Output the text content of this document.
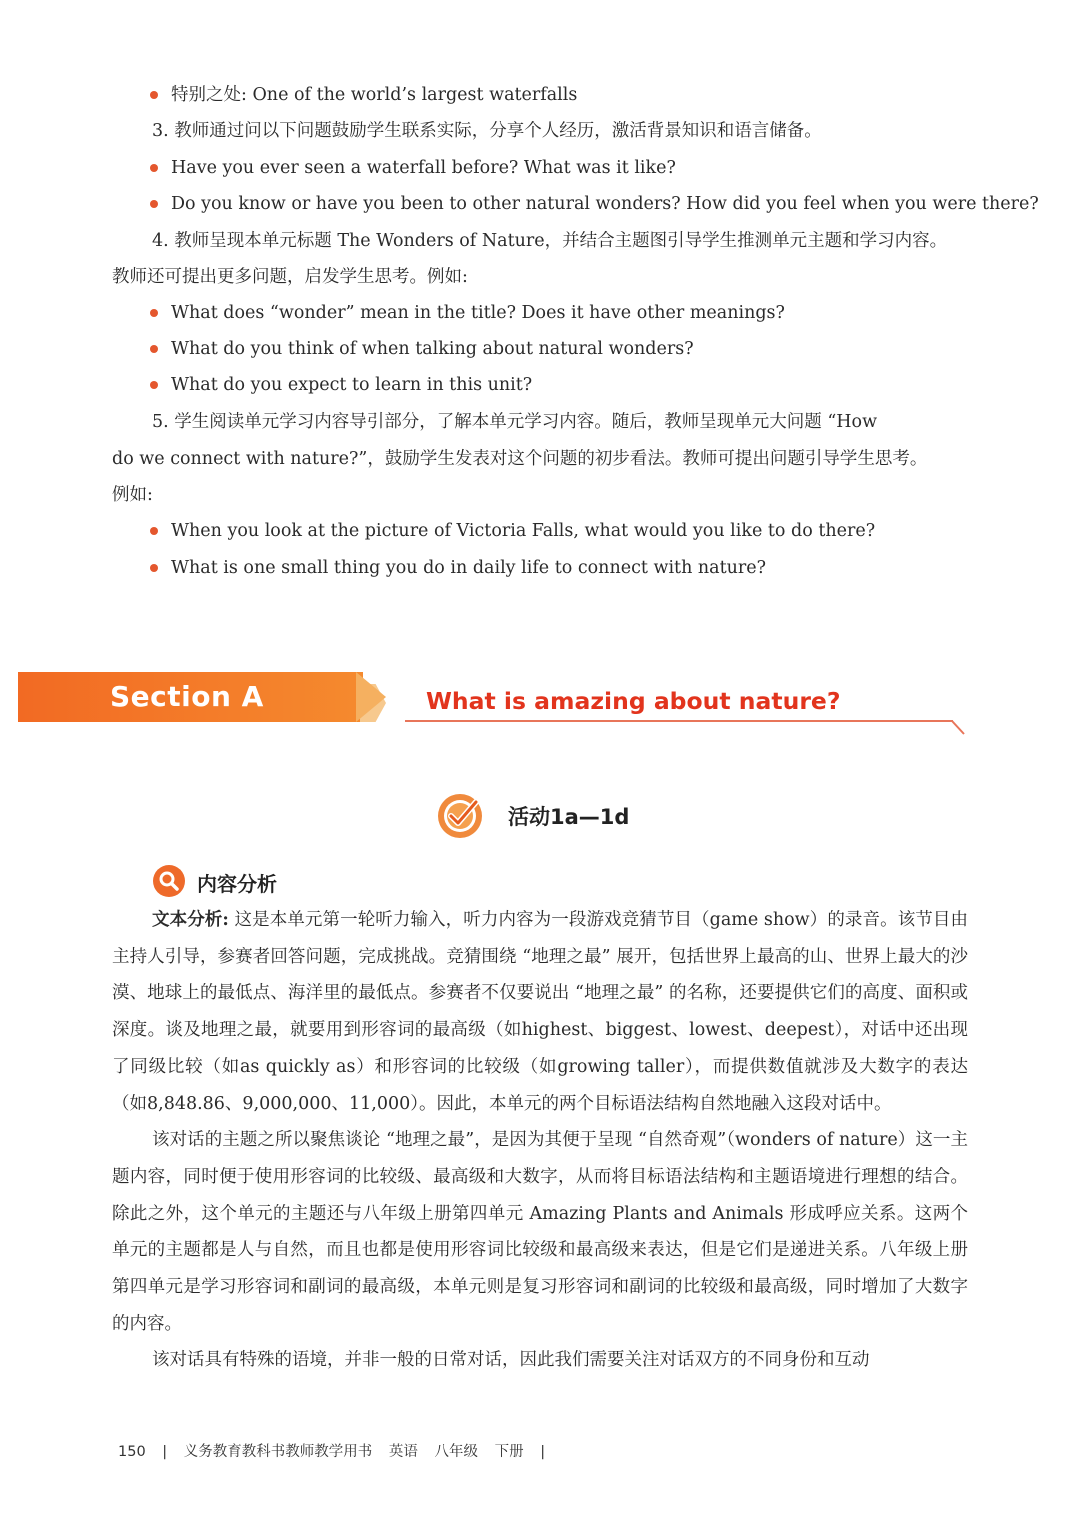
特别之处: One of the world’s largest waterfalls
3. 教师通过问以下问题鼓励学生联系实际，分享个人经历，激活背景知识和语言储备。
Have you ever seen a waterfall before? What was it like?
Do you know or have you been to other natural wonders? How did you feel when you were there?
4. 教师呈现本单元标题 The Wonders of Nature，并结合主题图引导学生推测单元主题和学习内容。
教师还可提出更多问题，启发学生思考。例如:
What does “wonder” mean in the title? Does it have other meanings?
What do you think of when talking about natural wonders?
What do you expect to learn in this unit?
5. 学生阅读单元学习内容导引部分，了解本单元学习内容。随后，教师呈现单元大问题 “How
do we connect with nature?”，鼓励学生发表对这个问题的初步看法。教师可提出问题引导学生思考。
例如:
When you look at the picture of Victoria Falls, what would you like to do there?
What is one small thing you do in daily life to connect with nature?
Section A	What is amazing about nature?
活动1a—1d
内容分析

文本分析: 这是本单元第一轮听力输入，听力内容为一段游戏竞猜节目（game show）的录音。该节目由主持人引导，参赛者回答问题，完成挑战。竞猜围绕 “地理之最” 展开，包括世界上最高的山、世界上最大的沙漠、地球上的最低点、海洋里的最低点。参赛者不仅要说出 “地理之最” 的名称，还要提供它们的高度、面积或深度。谈及地理之最，就要用到形容词的最高级（如highest、biggest、lowest、deepest），对话中还出现了同级比较（如as quickly as）和形容词的比较级（如growing taller），而提供数值就涉及大数字的表达（如8,848.86、9,000,000、11,000）。因此，本单元的两个目标语法结构自然地融入这段对话中。

该对话的主题之所以聚焦谈论 “地理之最”，是因为其便于呈现 “自然奇观”（wonders of nature）这一主题内容，同时便于使用形容词的比较级、最高级和大数字，从而将目标语法结构和主题语境进行理想的结合。除此之外，这个单元的主题还与八年级上册第四单元 Amazing Plants and Animals 形成呼应关系。这两个单元的主题都是人与自然，而且也都是使用形容词比较级和最高级来表达，但是它们是递进关系。八年级上册第四单元是学习形容词和副词的最高级，本单元则是复习形容词和副词的比较级和最高级，同时增加了大数字的内容。

该对话具有特殊的语境，并非一般的日常对话，因此我们需要关注对话双方的不同身份和互动

150 | 义务教育教科书教师教学用书 英语 八年级 下册 |
